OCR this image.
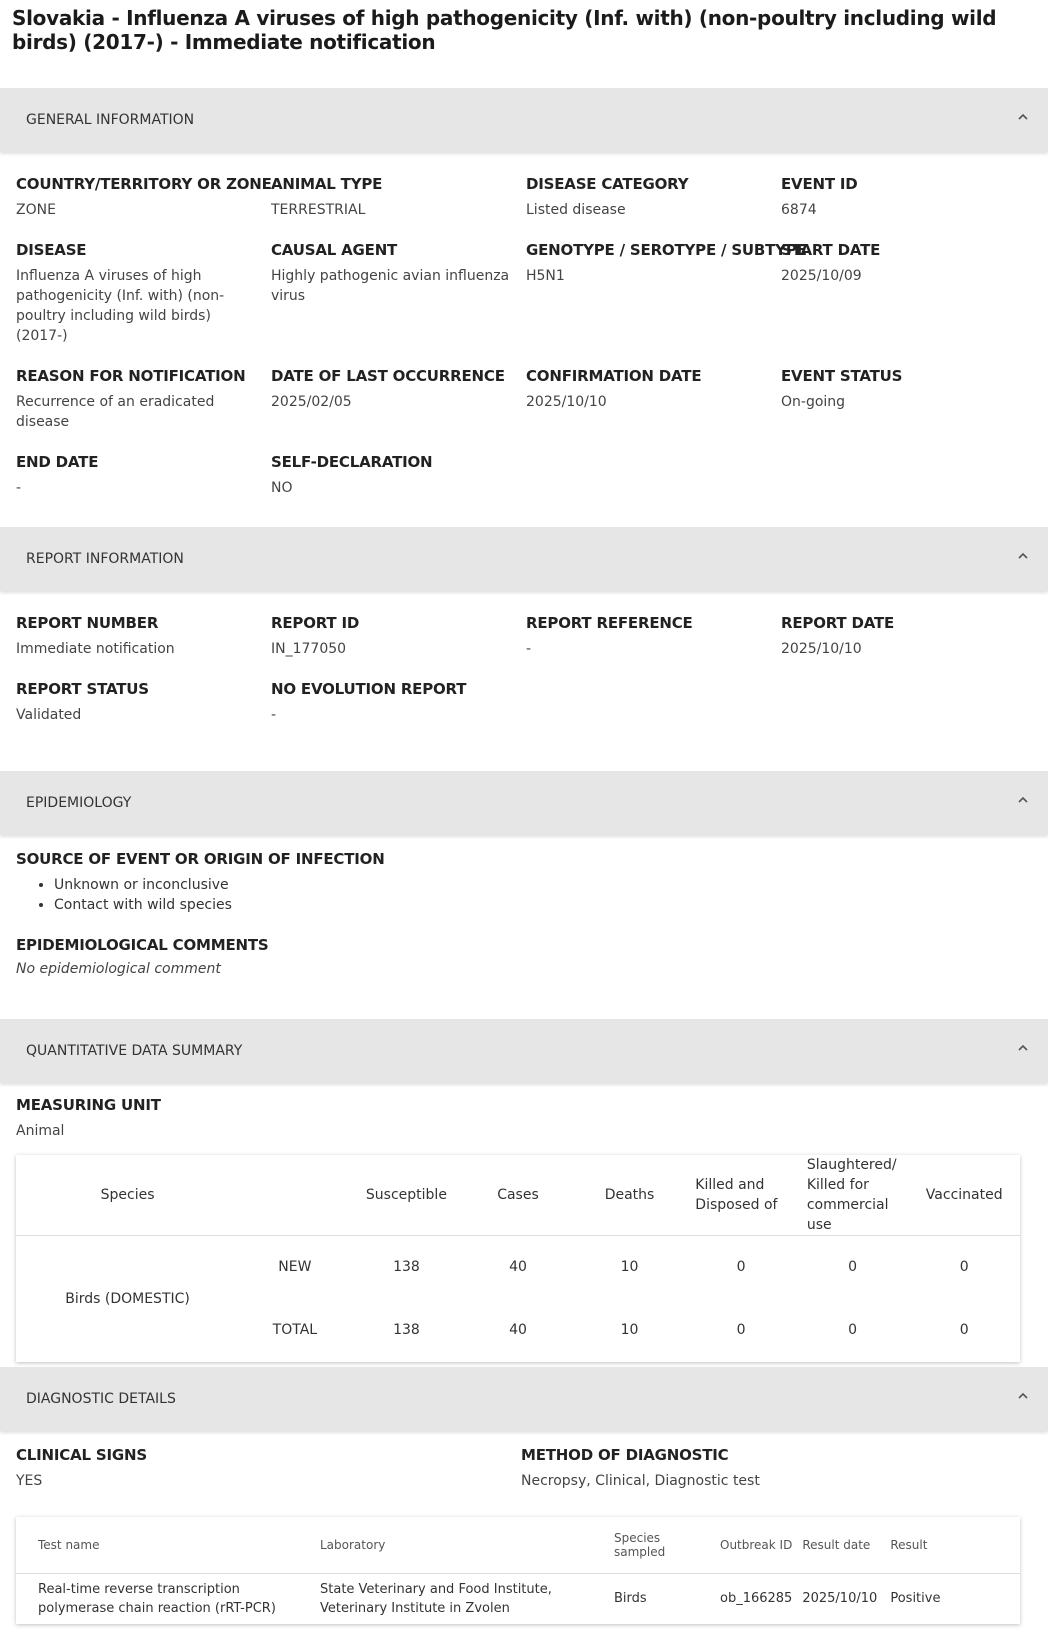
Slovakia - Influenza A viruses of high pathogenicity (Inf. with) (non-poultry including wild birds) (2017-) - Immediate notification
GENERAL INFORMATION
COUNTRY/TERRITORY OR ZONE
ZONE
ANIMAL TYPE
TERRESTRIAL
DISEASE CATEGORY
Listed disease
EVENT ID
6874
DISEASE
Influenza A viruses of high pathogenicity (Inf. with) (non-poultry including wild birds) (2017-)
CAUSAL AGENT
Highly pathogenic avian influenza virus
GENOTYPE / SEROTYPE / SUBTYPE
H5N1
START DATE
2025/10/09
REASON FOR NOTIFICATION
Recurrence of an eradicated disease
DATE OF LAST OCCURRENCE
2025/02/05
CONFIRMATION DATE
2025/10/10
EVENT STATUS
On-going
END DATE
-
SELF-DECLARATION
NO
REPORT INFORMATION
REPORT NUMBER
Immediate notification
REPORT ID
IN_177050
REPORT REFERENCE
-
REPORT DATE
2025/10/10
REPORT STATUS
Validated
NO EVOLUTION REPORT
-
EPIDEMIOLOGY
SOURCE OF EVENT OR ORIGIN OF INFECTION
• Unknown or inconclusive
• Contact with wild species
EPIDEMIOLOGICAL COMMENTS
No epidemiological comment
QUANTITATIVE DATA SUMMARY
MEASURING UNIT
Animal
Species		Susceptible	Cases	Deaths	Killed and Disposed of	Slaughtered/ Killed for commercial use	Vaccinated
Birds (DOMESTIC)	NEW	138	40	10	0	0	0
	TOTAL	138	40	10	0	0	0
DIAGNOSTIC DETAILS
CLINICAL SIGNS
YES
METHOD OF DIAGNOSTIC
Necropsy, Clinical, Diagnostic test
Test name	Laboratory	Species sampled	Outbreak ID	Result date	Result
Real-time reverse transcription polymerase chain reaction (rRT-PCR)	State Veterinary and Food Institute, Veterinary Institute in Zvolen	Birds	ob_166285	2025/10/10	Positive
